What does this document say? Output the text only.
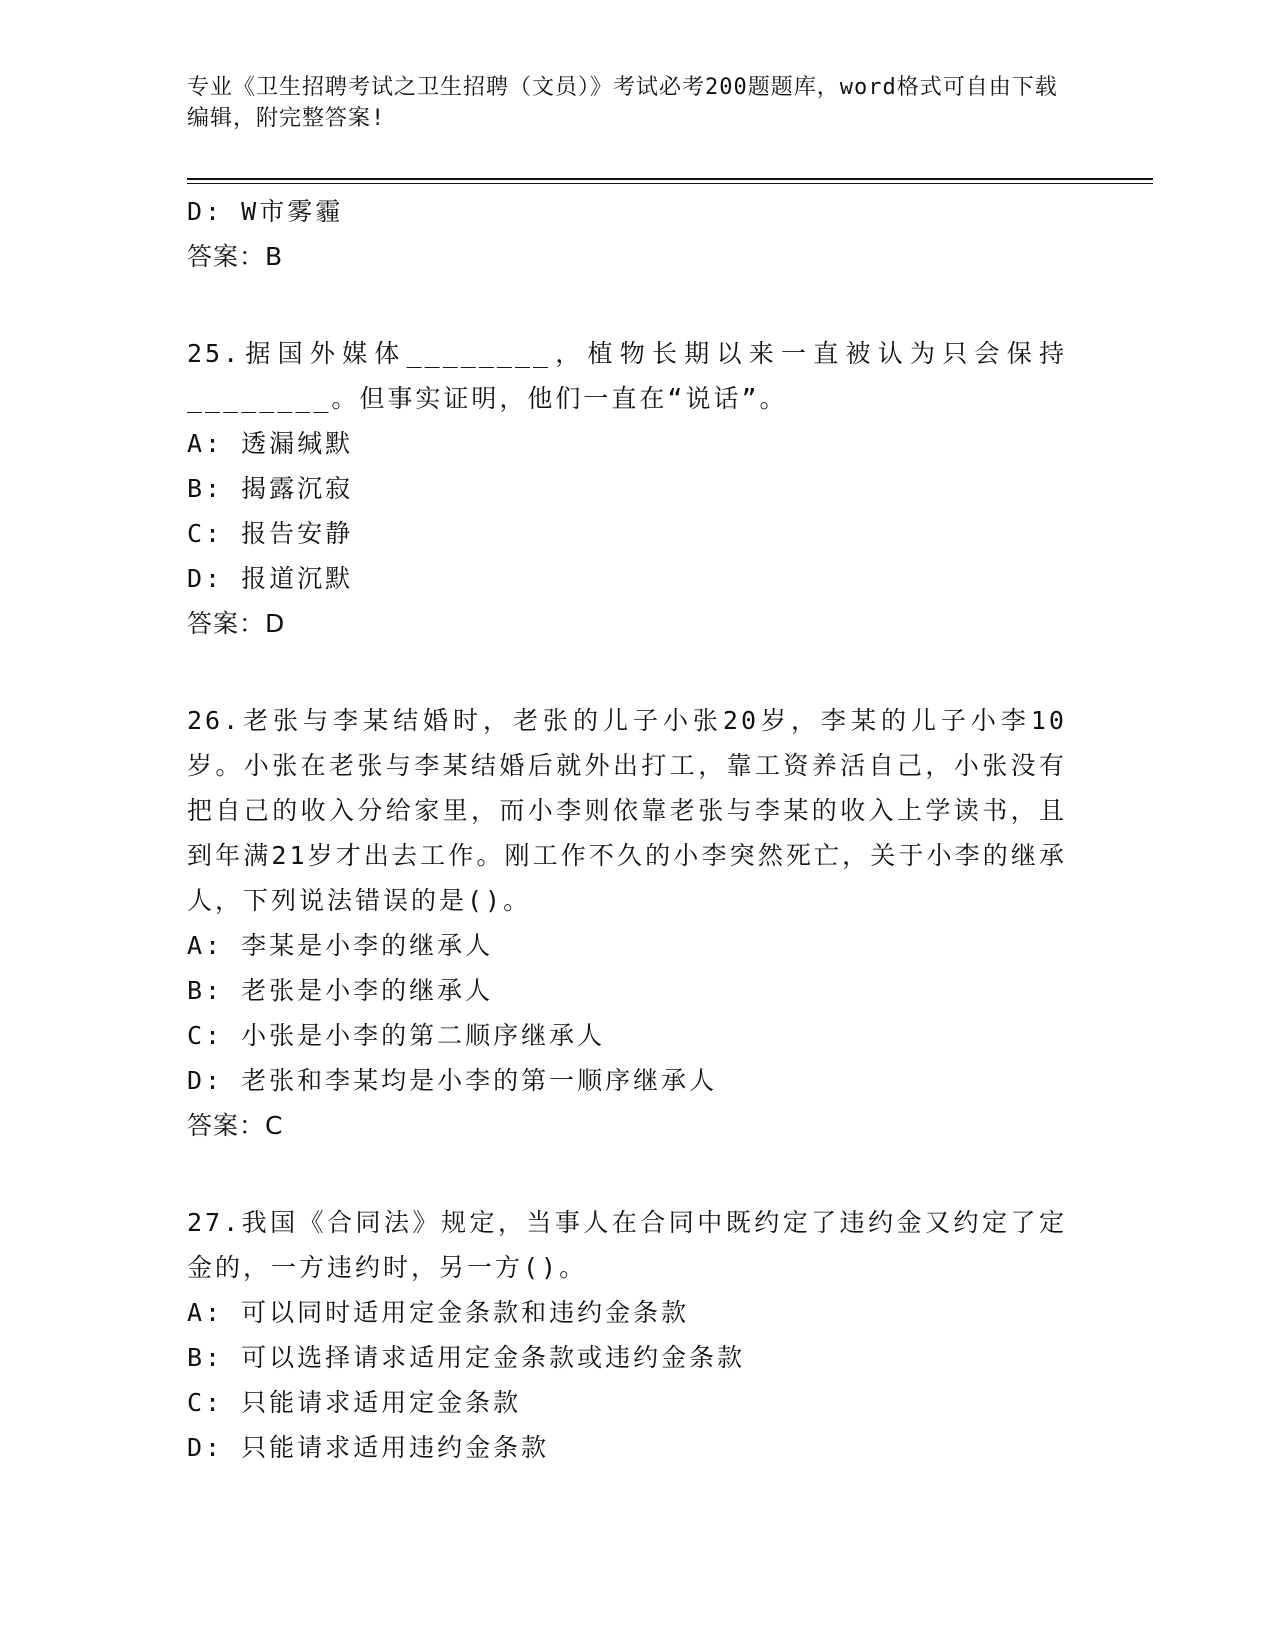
专业《卫生招聘考试之卫生招聘（文员）》考试必考200题题库，word格式可自由下载编辑，附完整答案!
D: W市雾霾
答案：B
25.据国外媒体________，植物长期以来一直被认为只会保持________。但事实证明，他们一直在“说话”。
A: 透漏缄默
B: 揭露沉寂
C: 报告安静
D: 报道沉默
答案：D
26.老张与李某结婚时，老张的儿子小张20岁，李某的儿子小李10岁。小张在老张与李某结婚后就外出打工，靠工资养活自己，小张没有把自己的收入分给家里，而小李则依靠老张与李某的收入上学读书，且到年满21岁才出去工作。刚工作不久的小李突然死亡，关于小李的继承人，下列说法错误的是()。
A: 李某是小李的继承人
B: 老张是小李的继承人
C: 小张是小李的第二顺序继承人
D: 老张和李某均是小李的第一顺序继承人
答案：C
27.我国《合同法》规定，当事人在合同中既约定了违约金又约定了定金的，一方违约时，另一方()。
A: 可以同时适用定金条款和违约金条款
B: 可以选择请求适用定金条款或违约金条款
C: 只能请求适用定金条款
D: 只能请求适用违约金条款
